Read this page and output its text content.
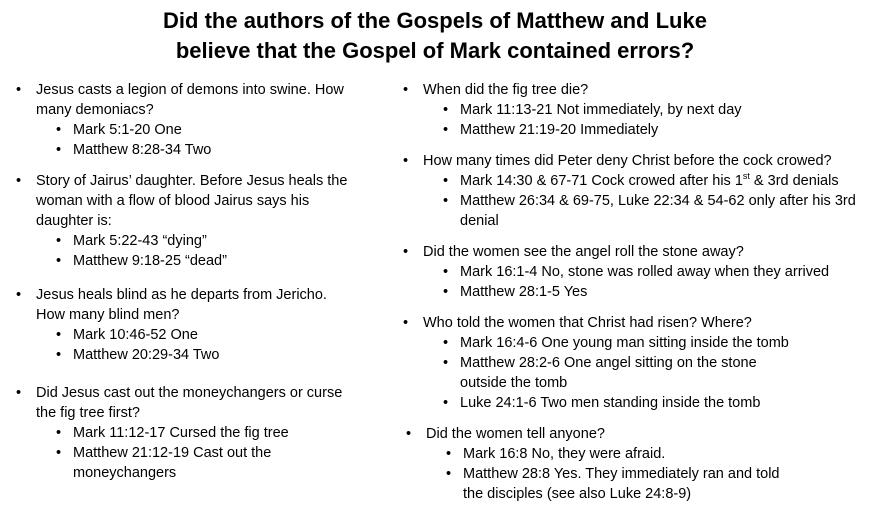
Did the authors of the Gospels of Matthew and Luke
believe that the Gospel of Mark contained errors?
• Jesus casts a legion of demons into swine. How many demoniacs?
• Mark 5:1-20 One
• Matthew 8:28-34 Two
• Story of Jairus’ daughter. Before Jesus heals the woman with a flow of blood Jairus says his daughter is:
• Mark 5:22-43 “dying”
• Matthew 9:18-25 “dead”
• Jesus heals blind as he departs from Jericho. How many blind men?
• Mark 10:46-52 One
• Matthew 20:29-34 Two
• Did Jesus cast out the moneychangers or curse the fig tree first?
• Mark 11:12-17 Cursed the fig tree
• Matthew 21:12-19 Cast out the moneychangers
• When did the fig tree die?
• Mark 11:13-21 Not immediately, by next day
• Matthew 21:19-20 Immediately
• How many times did Peter deny Christ before the cock crowed?
• Mark 14:30 & 67-71 Cock crowed after his 1st & 3rd denials
• Matthew 26:34 & 69-75, Luke 22:34 & 54-62 only after his 3rd denial
• Did the women see the angel roll the stone away?
• Mark 16:1-4 No, stone was rolled away when they arrived
• Matthew 28:1-5 Yes
• Who told the women that Christ had risen? Where?
• Mark 16:4-6 One young man sitting inside the tomb
• Matthew 28:2-6 One angel sitting on the stone outside the tomb
• Luke 24:1-6 Two men standing inside the tomb
• Did the women tell anyone?
• Mark 16:8 No, they were afraid.
• Matthew 28:8 Yes. They immediately ran and told the disciples (see also Luke 24:8-9)
